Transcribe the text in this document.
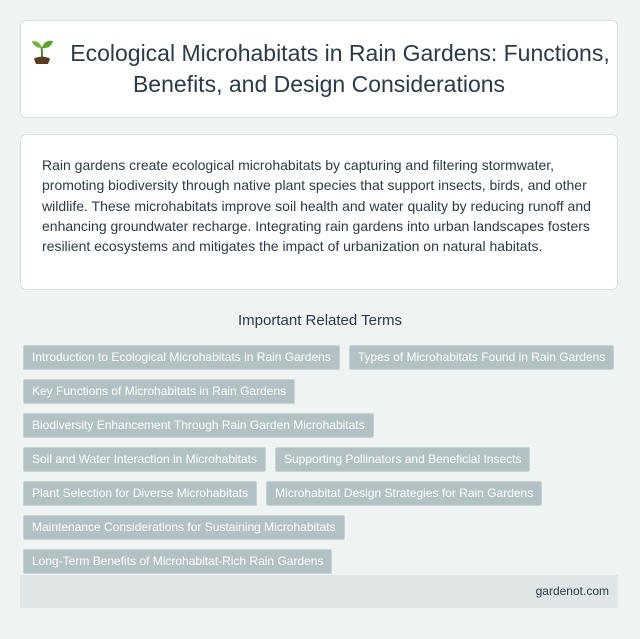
Ecological Microhabitats in Rain Gardens: Functions, Benefits, and Design Considerations

Rain gardens create ecological microhabitats by capturing and filtering stormwater, promoting biodiversity through native plant species that support insects, birds, and other wildlife. These microhabitats improve soil health and water quality by reducing runoff and enhancing groundwater recharge. Integrating rain gardens into urban landscapes fosters resilient ecosystems and mitigates the impact of urbanization on natural habitats.

Important Related Terms
Introduction to Ecological Microhabitats in Rain Gardens	Types of Microhabitats Found in Rain Gardens
Key Functions of Microhabitats in Rain Gardens
Biodiversity Enhancement Through Rain Garden Microhabitats
Soil and Water Interaction in Microhabitats	Supporting Pollinators and Beneficial Insects
Plant Selection for Diverse Microhabitats	Microhabitat Design Strategies for Rain Gardens
Maintenance Considerations for Sustaining Microhabitats
Long-Term Benefits of Microhabitat-Rich Rain Gardens
gardenot.com
